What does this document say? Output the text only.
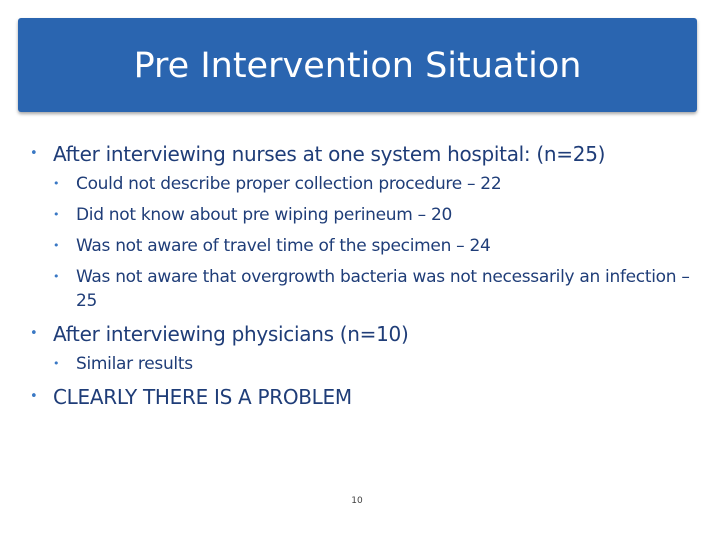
Pre Intervention Situation
• After interviewing nurses at one system hospital: (n=25)
• Could not describe proper collection procedure – 22
• Did not know about pre wiping perineum – 20
• Was not aware of travel time of the specimen – 24
• Was not aware that overgrowth bacteria was not necessarily an infection – 25
• After interviewing physicians (n=10)
• Similar results
• CLEARLY THERE IS A PROBLEM
10
